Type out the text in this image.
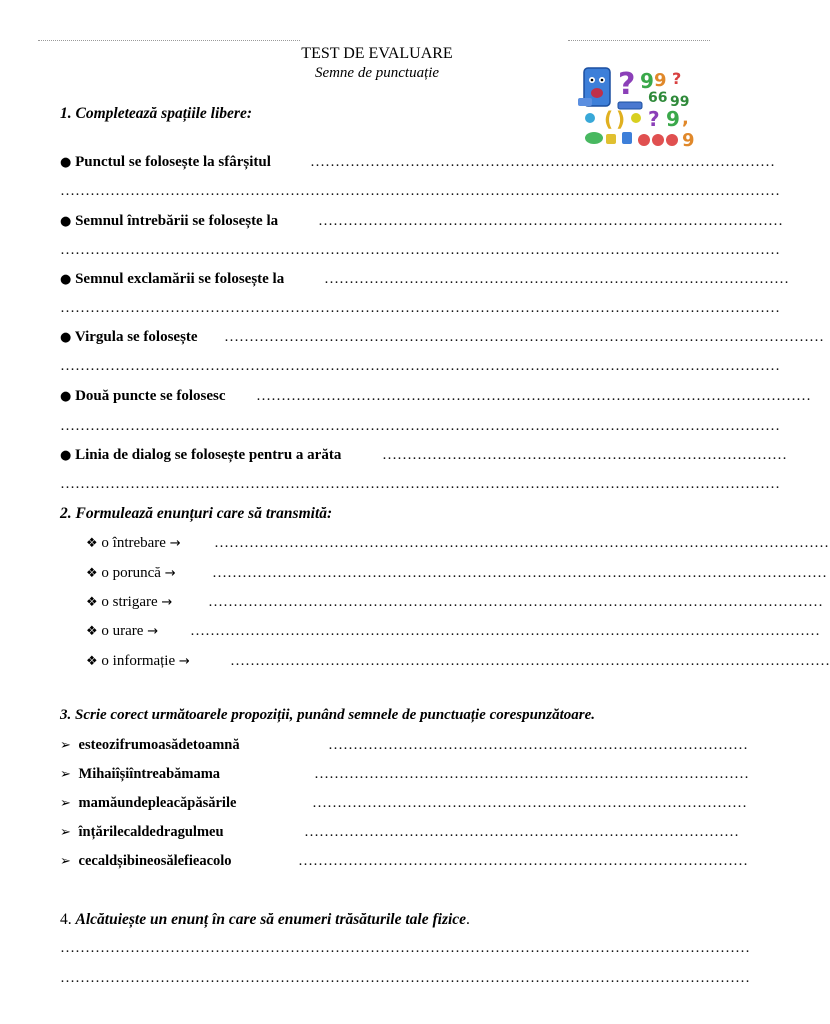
TEST DE EVALUARE
Semne de punctuație	? 9 9 ?
66 99
( ) ? 9 ,
9
1. Completează spațiile libere:
● Punctul se folosește la sfârșitul	…………………………………………………………………………………
………………………………………………………………………………………………………………………………
● Semnul întrebării se folosește la	…………………………………………………………………………………
………………………………………………………………………………………………………………………………
● Semnul exclamării se folosește la	…………………………………………………………………………………
………………………………………………………………………………………………………………………………
● Virgula se folosește …………………………………………………………………………………………………………
………………………………………………………………………………………………………………………………
● Două puncte se folosesc …………………………………………………………………………………………………
………………………………………………………………………………………………………………………………
● Linia de dialog se folosește pentru a arăta	………………………………………………………………………
………………………………………………………………………………………………………………………………
2. Formulează enunțuri care să transmită:
❖ o întrebare → ……………………………………………………………………………………………………………
❖ o poruncă → ……………………………………………………………………………………………………………
❖ o strigare → ……………………………………………………………………………………………………………
❖ o urare → ………………………………………………………………………………………………………………
❖ o informație →	…………………………………………………………………………………………………………
3. Scrie corect următoarele propoziții, punând semnele de punctuație corespunzătoare.
➢ esteozifrumoasădetoamnă	…………………………………………………………………………
➢ Mihaiîșiîntreabămama	……………………………………………………………………………
➢ mamăundepleacăpăsările	……………………………………………………………………………
➢ înțărilecaldedragulmeu	……………………………………………………………………………
➢ cecaldșibineosălefieacolo	………………………………………………………………………………
4. Alcătuiește un enunț în care să enumeri trăsăturile tale fizice.
…………………………………………………………………………………………………………………………
…………………………………………………………………………………………………………………………
